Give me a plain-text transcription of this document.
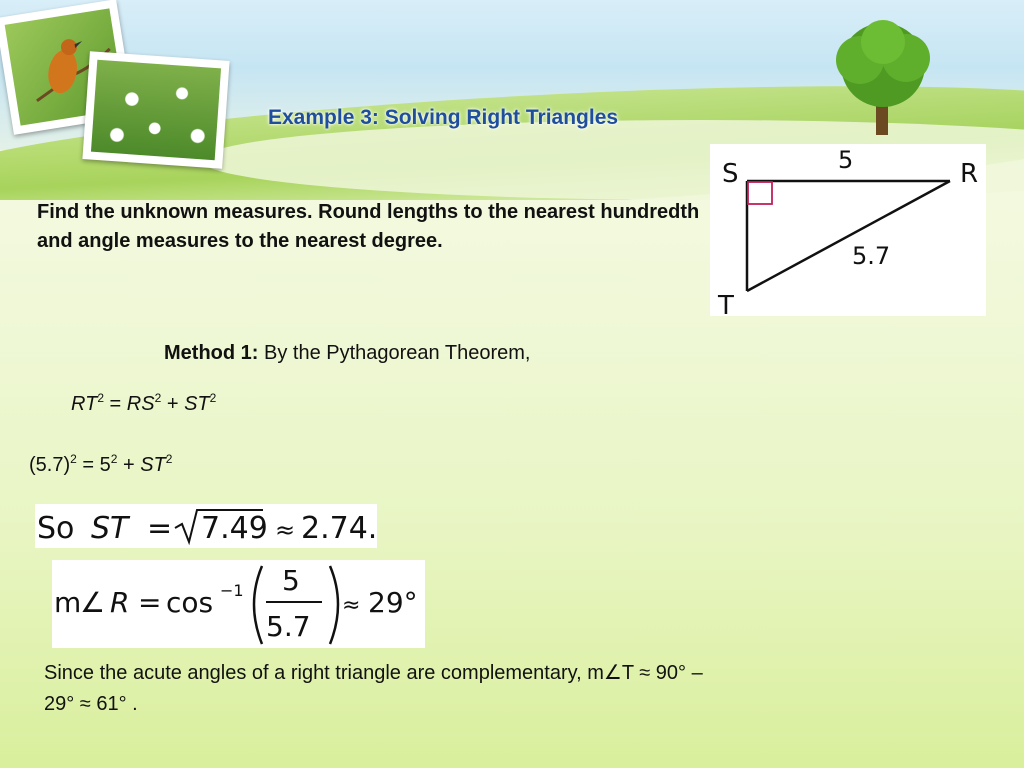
Example 3: Solving Right Triangles
S	R
T
5
5.7
Find the unknown measures. Round lengths to the nearest hundredth and angle measures to the nearest degree.
Method 1: By the Pythagorean Theorem,
$RT^2 = RS^2 + ST^2$
$(5.7)^2 = 5^2 + ST^2$
So ST = 7.49 ≈ 2.74.
m
∠ R = cos −1 5
5.7
≈ 29°
Since the acute angles of a right triangle are complementary, m∠T ≈ 90° –
29° ≈ 61° .
